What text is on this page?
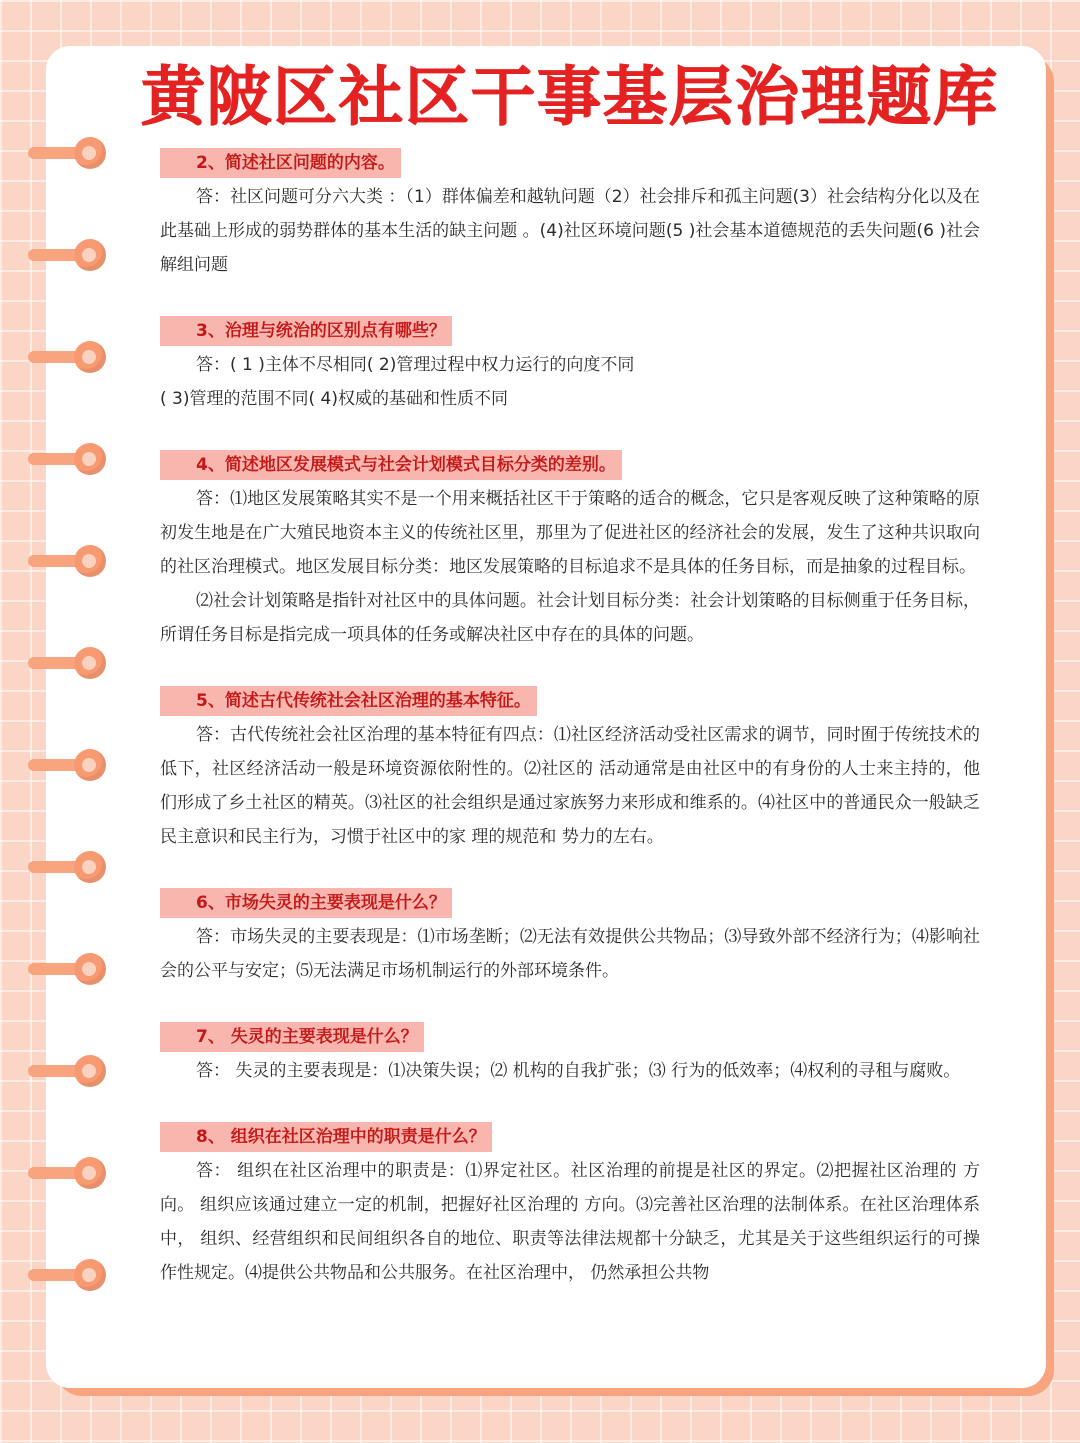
黄陂区社区干事基层治理题库
2、简述社区问题的内容。

答：社区问题可分六大类 ：（1）群体偏差和越轨问题（2）社会排斥和孤主问题(3）社会结构分化以及在此基础上形成的弱势群体的基本生活的缺主问题 。(4)社区环境问题(5 )社会基本道德规范的丢失问题(6 )社会解组问题

3、治理与统治的区别点有哪些？

答：( 1 )主体不尽相同( 2)管理过程中权力运行的向度不同

( 3)管理的范围不同( 4)权威的基础和性质不同

4、简述地区发展模式与社会计划模式目标分类的差别。

答：⑴地区发展策略其实不是一个用来概括社区干于策略的适合的概念，它只是客观反映了这种策略的原初发生地是在广大殖民地资本主义的传统社区里，那里为了促进社区的经济社会的发展，发生了这种共识取向的社区治理模式。地区发展目标分类：地区发展策略的目标追求不是具体的任务目标，而是抽象的过程目标。

⑵社会计划策略是指针对社区中的具体问题。社会计划目标分类：社会计划策略的目标侧重于任务目标，所谓任务目标是指完成一项具体的任务或解决社区中存在的具体的问题。

5、简述古代传统社会社区治理的基本特征。

答：古代传统社会社区治理的基本特征有四点：⑴社区经济活动受社区需求的调节，同时囿于传统技术的低下，社区经济活动一般是环境资源依附性的。⑵社区的 活动通常是由社区中的有身份的人士来主持的，他们形成了乡土社区的精英。⑶社区的社会组织是通过家族努力来形成和维系的。⑷社区中的普通民众一般缺乏民主意识和民主行为，习惯于社区中的家 理的规范和 势力的左右。

6、市场失灵的主要表现是什么？

答：市场失灵的主要表现是：⑴市场垄断；⑵无法有效提供公共物品；⑶导致外部不经济行为；⑷影响社会的公平与安定；⑸无法满足市场机制运行的外部环境条件。

7、 失灵的主要表现是什么？

答： 失灵的主要表现是：⑴决策失误；⑵ 机构的自我扩张；⑶ 行为的低效率；⑷权利的寻租与腐败。

8、 组织在社区治理中的职责是什么？

答： 组织在社区治理中的职责是：⑴界定社区。社区治理的前提是社区的界定。⑵把握社区治理的 方向。 组织应该通过建立一定的机制，把握好社区治理的 方向。⑶完善社区治理的法制体系。在社区治理体系中， 组织、经营组织和民间组织各自的地位、职责等法律法规都十分缺乏，尤其是关于这些组织运行的可操作性规定。⑷提供公共物品和公共服务。在社区治理中， 仍然承担公共物
